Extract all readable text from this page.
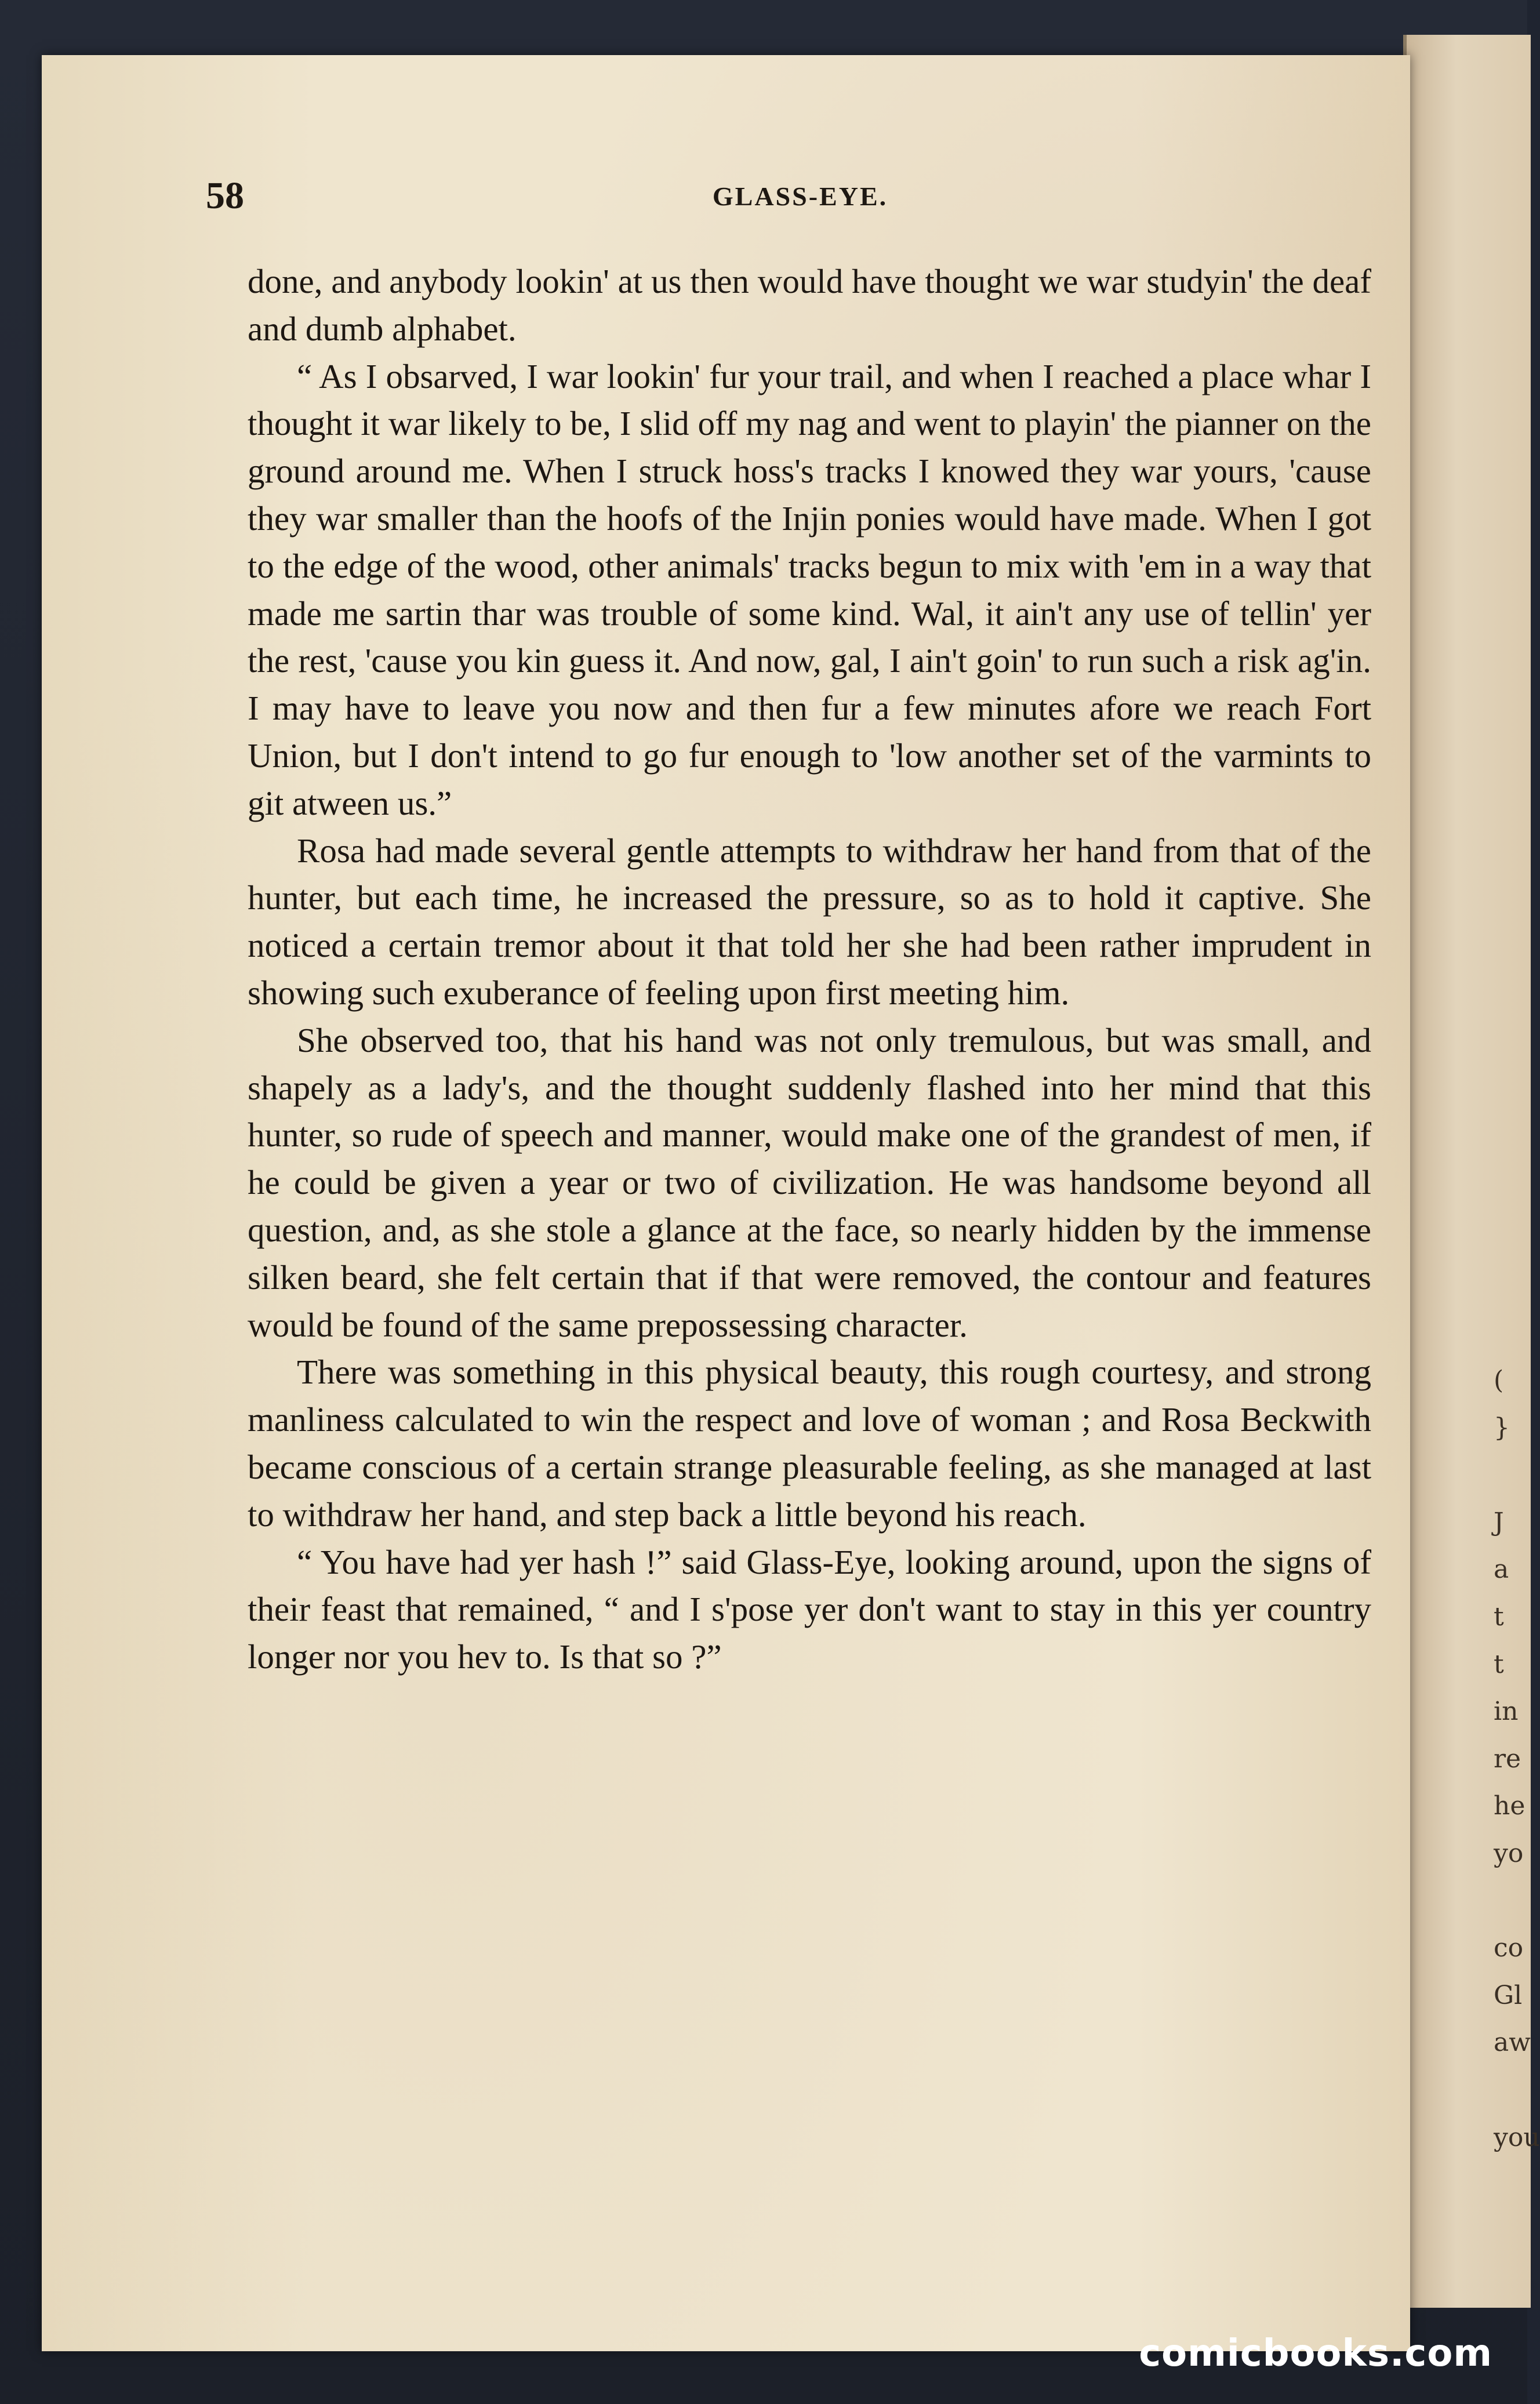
(
}

J
a
t
t
in
re
he
yo

co
Gl
aw

you
58	GLASS-EYE.

done, and anybody lookin' at us then would have thought we war studyin' the deaf and dumb alphabet.

“ As I obsarved, I war lookin' fur your trail, and when I reached a place whar I thought it war likely to be, I slid off my nag and went to playin' the pianner on the ground around me. When I struck hoss's tracks I knowed they war yours, 'cause they war smaller than the hoofs of the Injin ponies would have made. When I got to the edge of the wood, other animals' tracks begun to mix with 'em in a way that made me sartin thar was trouble of some kind. Wal, it ain't any use of tellin' yer the rest, 'cause you kin guess it. And now, gal, I ain't goin' to run such a risk ag'in. I may have to leave you now and then fur a few minutes afore we reach Fort Union, but I don't intend to go fur enough to 'low another set of the varmints to git atween us.”

Rosa had made several gentle attempts to withdraw her hand from that of the hunter, but each time, he increased the pressure, so as to hold it captive. She noticed a certain tremor about it that told her she had been rather imprudent in showing such exuberance of feeling upon first meeting him.

She observed too, that his hand was not only tremulous, but was small, and shapely as a lady's, and the thought suddenly flashed into her mind that this hunter, so rude of speech and manner, would make one of the grandest of men, if he could be given a year or two of civilization. He was handsome beyond all question, and, as she stole a glance at the face, so nearly hidden by the immense silken beard, she felt certain that if that were removed, the contour and features would be found of the same prepossessing character.

There was something in this physical beauty, this rough courtesy, and strong manliness calculated to win the respect and love of woman ; and Rosa Beckwith became conscious of a certain strange pleasurable feeling, as she managed at last to withdraw her hand, and step back a little beyond his reach.

“ You have had yer hash !” said Glass-Eye, looking around, upon the signs of their feast that remained, “ and I s'pose yer don't want to stay in this yer country longer nor you hev to. Is that so ?”

comicbooks.com
